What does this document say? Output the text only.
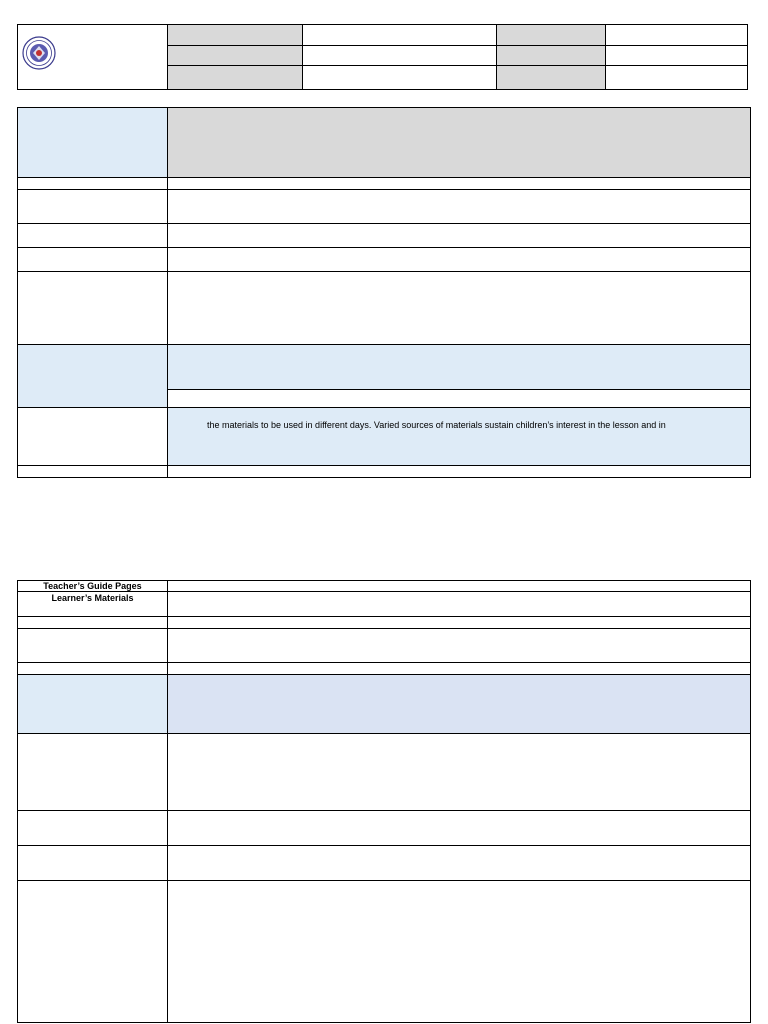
the materials to be used in different days. Varied sources of materials sustain children’s interest in the lesson and in
Teacher’s Guide Pages
Learner’s Materials
